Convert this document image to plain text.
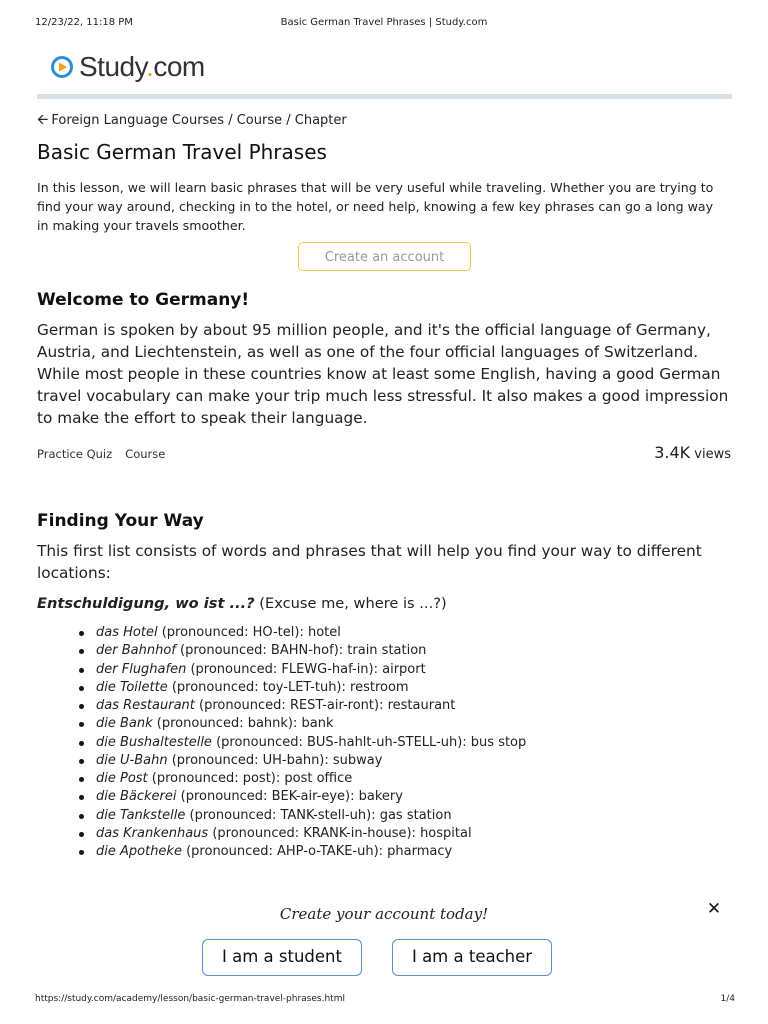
12/23/22, 11:18 PM	Basic German Travel Phrases | Study.com
Study.com
🡨 Foreign Language Courses / Course / Chapter
Basic German Travel Phrases

In this lesson, we will learn basic phrases that will be very useful while traveling. Whether you are trying to find your way around, checking in to the hotel, or need help, knowing a few key phrases can go a long way in making your travels smoother.

Create an account
Welcome to Germany!

German is spoken by about 95 million people, and it's the official language of Germany, Austria, and Liechtenstein, as well as one of the four official languages of Switzerland. While most people in these countries know at least some English, having a good German travel vocabulary can make your trip much less stressful. It also makes a good impression to make the effort to speak their language.

Practice Quiz Course	3.4K views
Finding Your Way

This first list consists of words and phrases that will help you find your way to different locations:

Entschuldigung, wo ist ...? (Excuse me, where is ...?)
das Hotel (pronounced: HO-tel): hotel
der Bahnhof (pronounced: BAHN-hof): train station
der Flughafen (pronounced: FLEWG-haf-in): airport
die Toilette (pronounced: toy-LET-tuh): restroom
das Restaurant (pronounced: REST-air-ront): restaurant
die Bank (pronounced: bahnk): bank
die Bushaltestelle (pronounced: BUS-hahlt-uh-STELL-uh): bus stop
die U-Bahn (pronounced: UH-bahn): subway
die Post (pronounced: post): post office
die Bäckerei (pronounced: BEK-air-eye): bakery
die Tankstelle (pronounced: TANK-stell-uh): gas station
das Krankenhaus (pronounced: KRANK-in-house): hospital
die Apotheke (pronounced: AHP-o-TAKE-uh): pharmacy
Create your account today!	✕
I am a student	I am a teacher
https://study.com/academy/lesson/basic-german-travel-phrases.html	1/4
